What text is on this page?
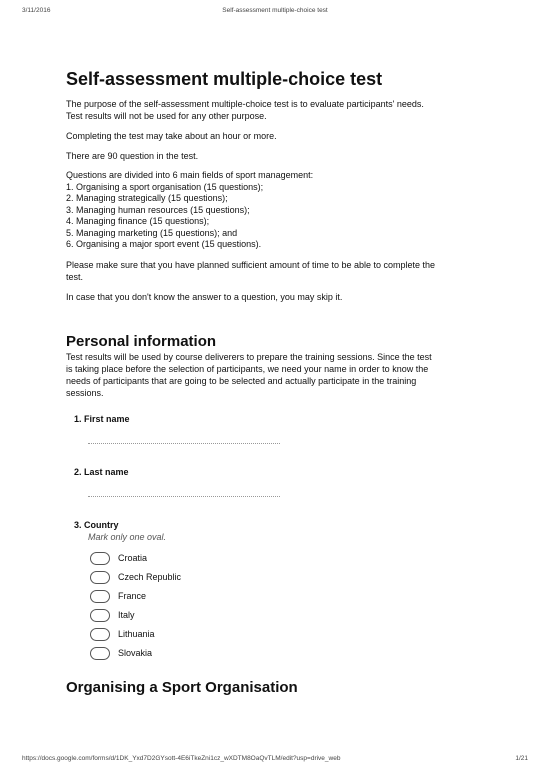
3/11/2016	Self-assessment multiple-choice test
Self-assessment multiple-choice test

The purpose of the self-assessment multiple-choice test is to evaluate participants' needs.

Test results will not be used for any other purpose.

Completing the test may take about an hour or more.

There are 90 question in the test.

Questions are divided into 6 main fields of sport management:
1. Organising a sport organisation (15 questions);
2. Managing strategically (15 questions);
3. Managing human resources (15 questions);
4. Managing finance (15 questions);
5. Managing marketing (15 questions); and
6. Organising a major sport event (15 questions).

Please make sure that you have planned sufficient amount of time to be able to complete the

test.

In case that you don't know the answer to a question, you may skip it.

Personal information
Test results will be used by course deliverers to prepare the training sessions. Since the test
is taking place before the selection of participants, we need your name in order to know the
needs of participants that are going to be selected and actually participate in the training
sessions.
1. First name
2. Last name
3. Country
Mark only one oval.
Croatia
Czech Republic
France
Italy
Lithuania
Slovakia
Organising a Sport Organisation
https://docs.google.com/forms/d/1DK_Yxd7D2GYsott-4E6iTkeZni1cz_wXDTM8OaQvTLM/edit?usp=drive_web	1/21
